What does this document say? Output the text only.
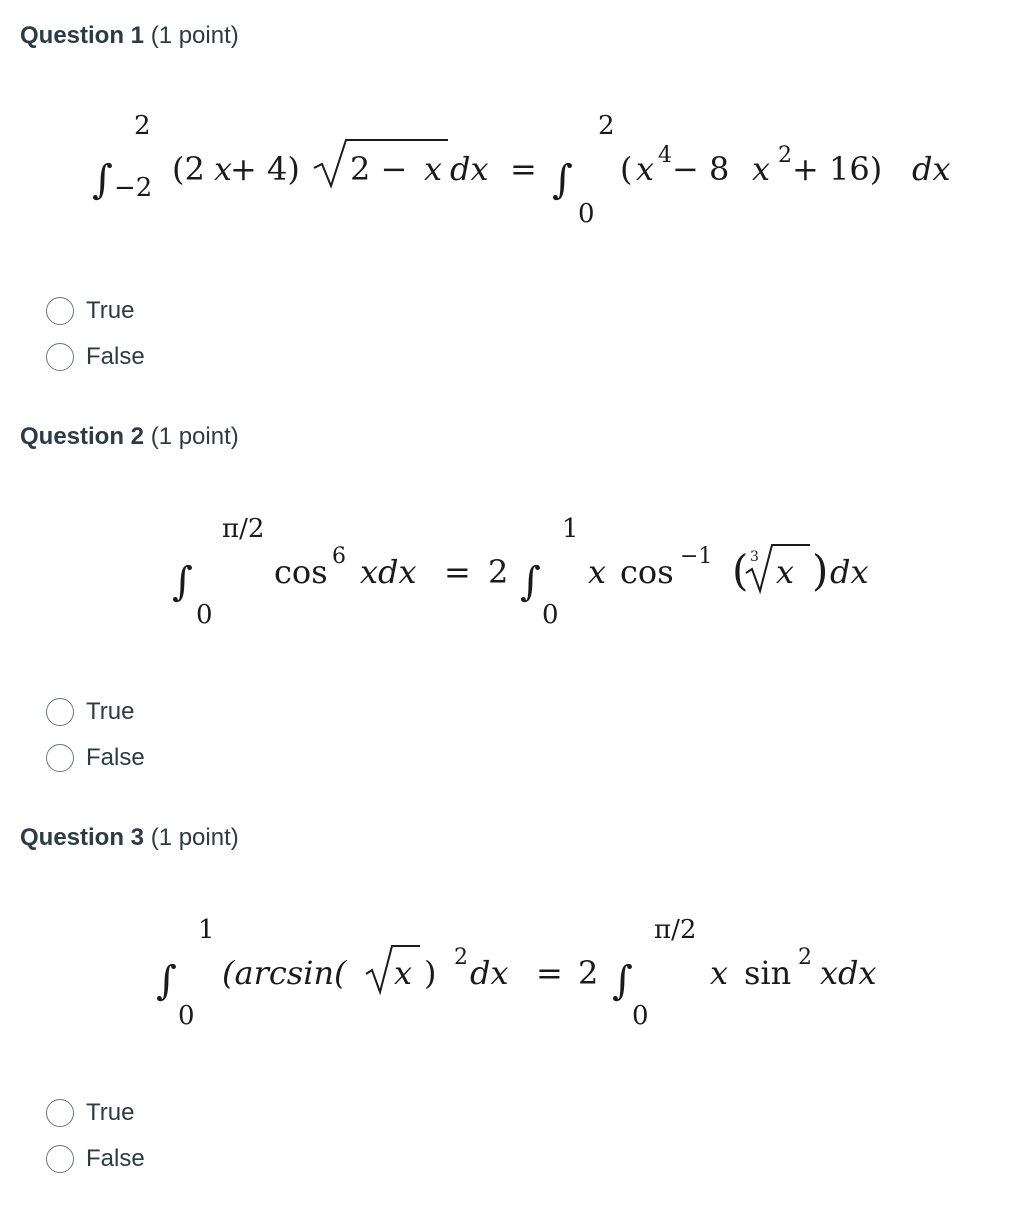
Question 1 (1 point)
∫
2
−2 (2 x
+ 4) 2 − x dx = ∫
2
0
( x 4 − 8 x 2 + 16) dx
True
False
Question 2 (1 point)
∫
π/2
0
cos 6 xdx = 2 ∫
1
0
x cos −1 ( 3 x ) dx
True
False
Question 3 (1 point)
∫
1
0
(arcsin( x ) 2 dx = 2 ∫
π/2
0
x sin 2 xdx
True
False
